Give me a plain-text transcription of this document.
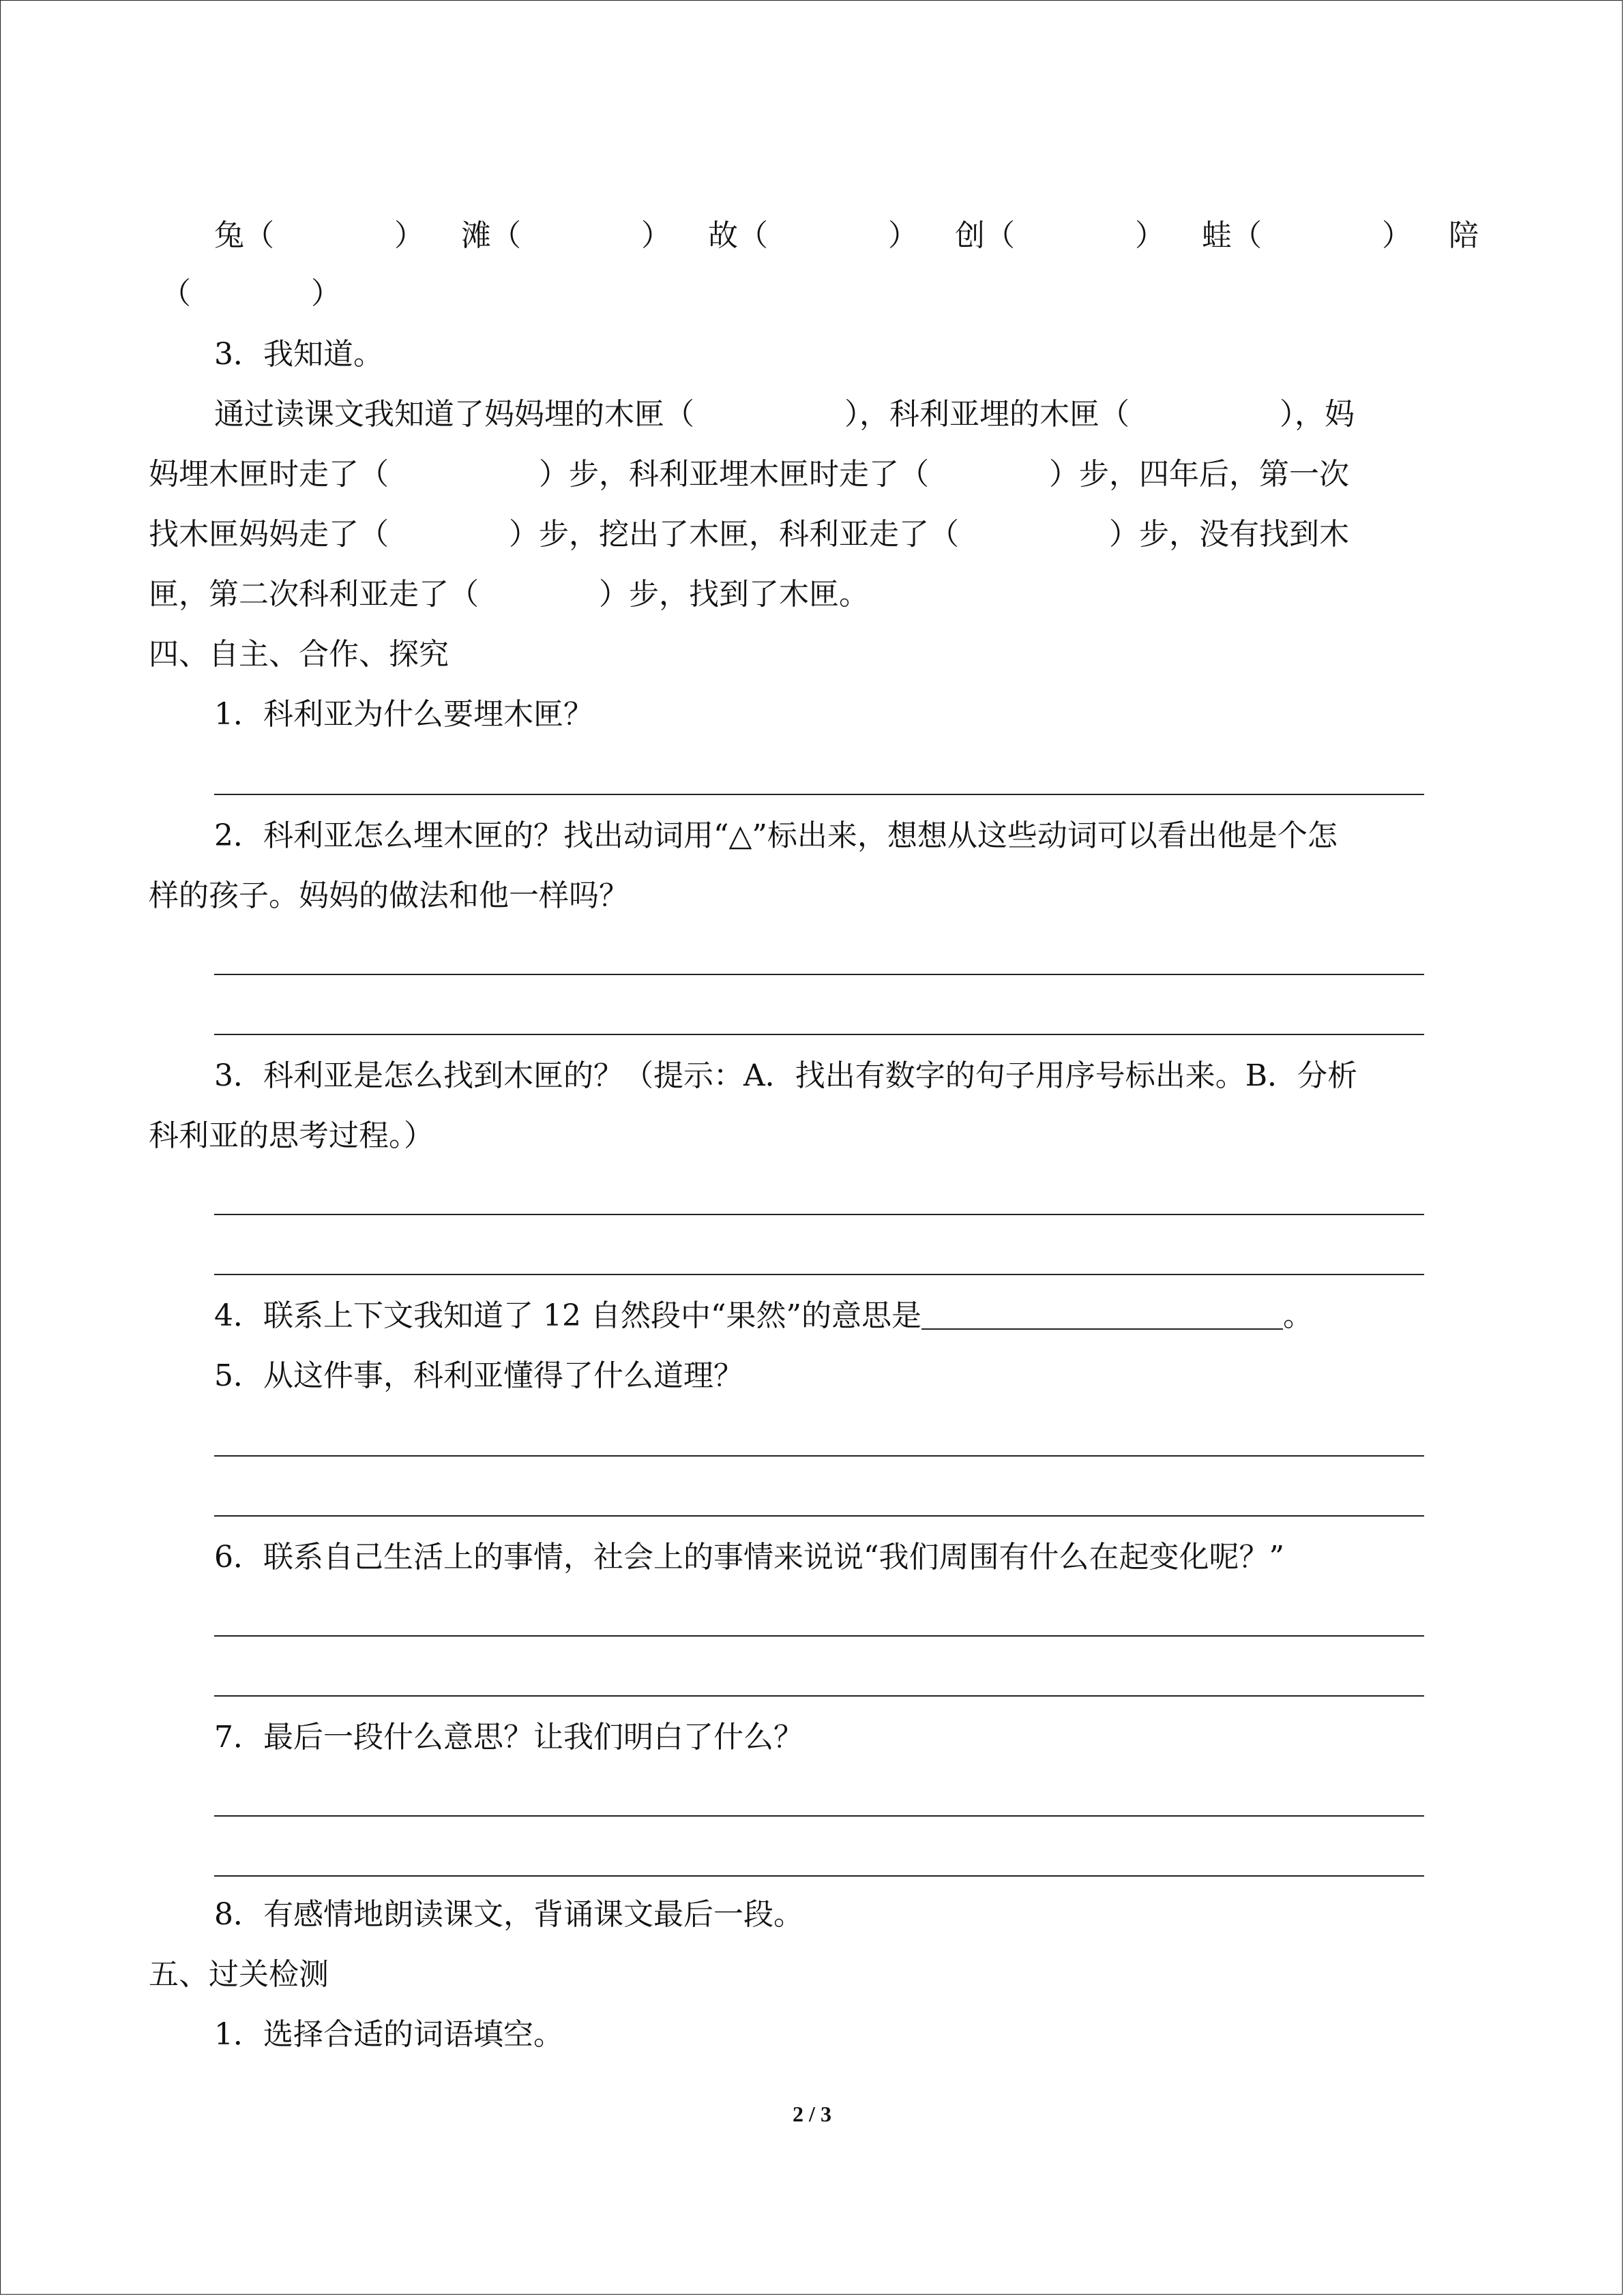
兔（　　　　） 滩（　　　　） 故（　　　　） 创（　　　　） 蛙（　　　　） 陪
（　　　　）
3．我知道。
通过读课文我知道了妈妈埋的木匣（　　　　　），科利亚埋的木匣（　　　　　），妈
妈埋木匣时走了（　　　　　）步，科利亚埋木匣时走了（　　　　）步，四年后，第一次
找木匣妈妈走了（　　　　）步，挖出了木匣，科利亚走了（　　　　　）步，没有找到木
匣，第二次科利亚走了（　　　　）步，找到了木匣。
四、自主、合作、探究
1．科利亚为什么要埋木匣？
2．科利亚怎么埋木匣的？找出动词用“△”标出来，想想从这些动词可以看出他是个怎
样的孩子。妈妈的做法和他一样吗？
3．科利亚是怎么找到木匣的？（提示：A．找出有数字的句子用序号标出来。B．分析
科利亚的思考过程。）
4．联系上下文我知道了 12 自然段中“果然”的意思是	。
5．从这件事，科利亚懂得了什么道理？
6．联系自己生活上的事情，社会上的事情来说说“我们周围有什么在起变化呢？”
7．最后一段什么意思？让我们明白了什么？
8．有感情地朗读课文，背诵课文最后一段。
五、过关检测
1．选择合适的词语填空。
2 / 3
